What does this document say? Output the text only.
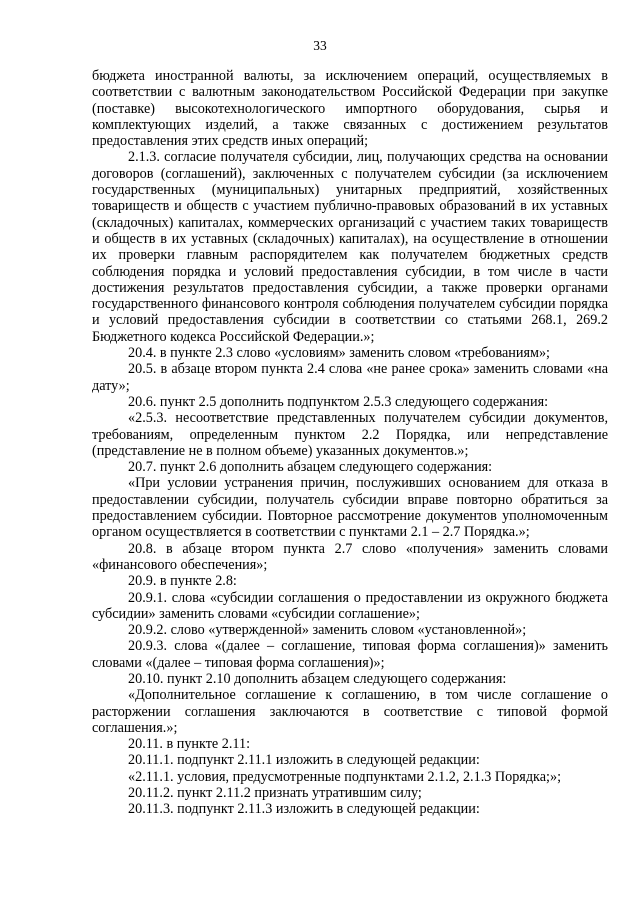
33

бюджета иностранной валюты, за исключением операций, осуществляемых в соответствии с валютным законодательством Российской Федерации при закупке (поставке) высокотехнологического импортного оборудования, сырья и комплектующих изделий, а также связанных с достижением результатов предоставления этих средств иных операций;

2.1.3. согласие получателя субсидии, лиц, получающих средства на основании договоров (соглашений), заключенных с получателем субсидии (за исключением государственных (муниципальных) унитарных предприятий, хозяйственных товариществ и обществ с участием публично-правовых образований в их уставных (складочных) капиталах, коммерческих организаций с участием таких товариществ и обществ в их уставных (складочных) капиталах), на осуществление в отношении их проверки главным распорядителем как получателем бюджетных средств соблюдения порядка и условий предоставления субсидии, в том числе в части достижения результатов предоставления субсидии, а также проверки органами государственного финансового контроля соблюдения получателем субсидии порядка и условий предоставления субсидии в соответствии со статьями 268.1, 269.2 Бюджетного кодекса Российской Федерации.»;

20.4. в пункте 2.3 слово «условиям» заменить словом «требованиям»;

20.5. в абзаце втором пункта 2.4 слова «не ранее срока» заменить словами «на дату»;

20.6. пункт 2.5 дополнить подпунктом 2.5.3 следующего содержания:

«2.5.3. несоответствие представленных получателем субсидии документов, требованиям, определенным пунктом 2.2 Порядка, или непредставление (представление не в полном объеме) указанных документов.»;

20.7. пункт 2.6 дополнить абзацем следующего содержания:

«При условии устранения причин, послуживших основанием для отказа в предоставлении субсидии, получатель субсидии вправе повторно обратиться за предоставлением субсидии. Повторное рассмотрение документов уполномоченным органом осуществляется в соответствии с пунктами 2.1 – 2.7 Порядка.»;

20.8. в абзаце втором пункта 2.7 слово «получения» заменить словами «финансового обеспечения»;

20.9. в пункте 2.8:

20.9.1. слова «субсидии соглашения о предоставлении из окружного бюджета субсидии» заменить словами «субсидии соглашение»;

20.9.2. слово «утвержденной» заменить словом «установленной»;

20.9.3. слова «(далее – соглашение, типовая форма соглашения)» заменить словами «(далее – типовая форма соглашения)»;

20.10. пункт 2.10 дополнить абзацем следующего содержания:

«Дополнительное соглашение к соглашению, в том числе соглашение о расторжении соглашения заключаются в соответствие с типовой формой соглашения.»;

20.11. в пункте 2.11:

20.11.1. подпункт 2.11.1 изложить в следующей редакции:

«2.11.1. условия, предусмотренные подпунктами 2.1.2, 2.1.3 Порядка;»;

20.11.2. пункт 2.11.2 признать утратившим силу;

20.11.3. подпункт 2.11.3 изложить в следующей редакции:
